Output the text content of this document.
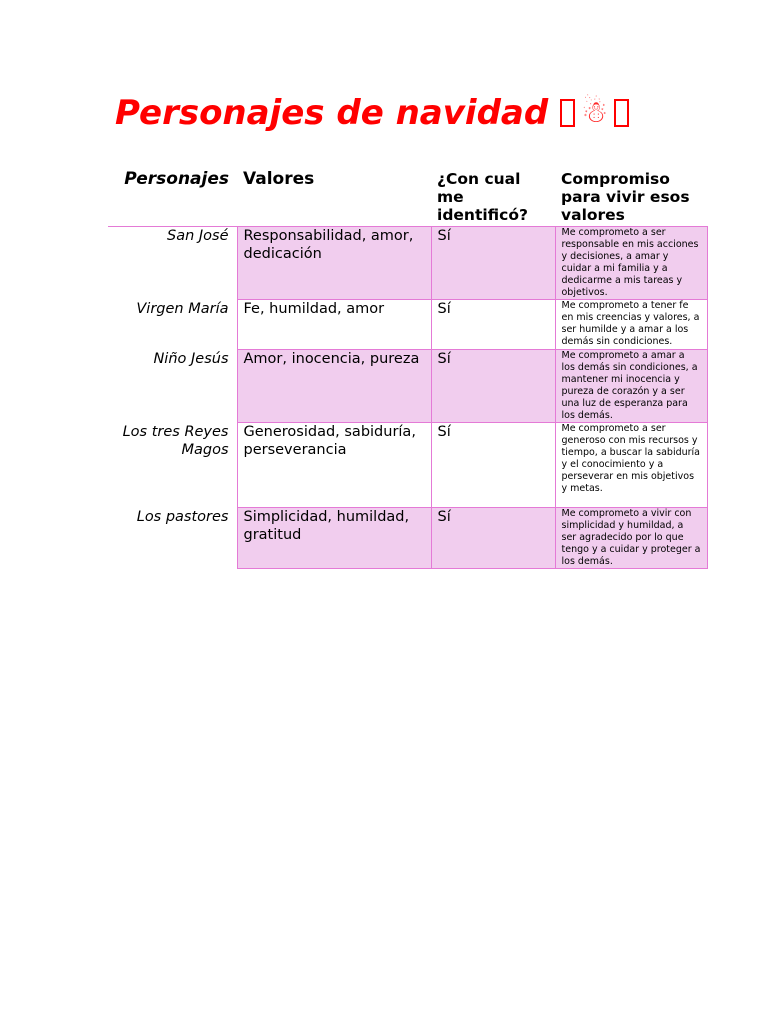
Personajes de navidad ☃
Personajes	Valores	¿Con cual me identificó?	Compromiso para vivir esos valores
San José	Responsabilidad, amor, dedicación	Sí	Me comprometo a ser responsable en mis acciones y decisiones, a amar y cuidar a mi familia y a dedicarme a mis tareas y objetivos.
Virgen María	Fe, humildad, amor	Sí	Me comprometo a tener fe en mis creencias y valores, a ser humilde y a amar a los demás sin condiciones.
Niño Jesús	Amor, inocencia, pureza	Sí	Me comprometo a amar a los demás sin condiciones, a mantener mi inocencia y pureza de corazón y a ser una luz de esperanza para los demás.
Los tres Reyes Magos	Generosidad, sabiduría, perseverancia	Sí	Me comprometo a ser generoso con mis recursos y tiempo, a buscar la sabiduría y el conocimiento y a perseverar en mis objetivos y metas.
Los pastores	Simplicidad, humildad, gratitud	Sí	Me comprometo a vivir con simplicidad y humildad, a ser agradecido por lo que tengo y a cuidar y proteger a los demás.
